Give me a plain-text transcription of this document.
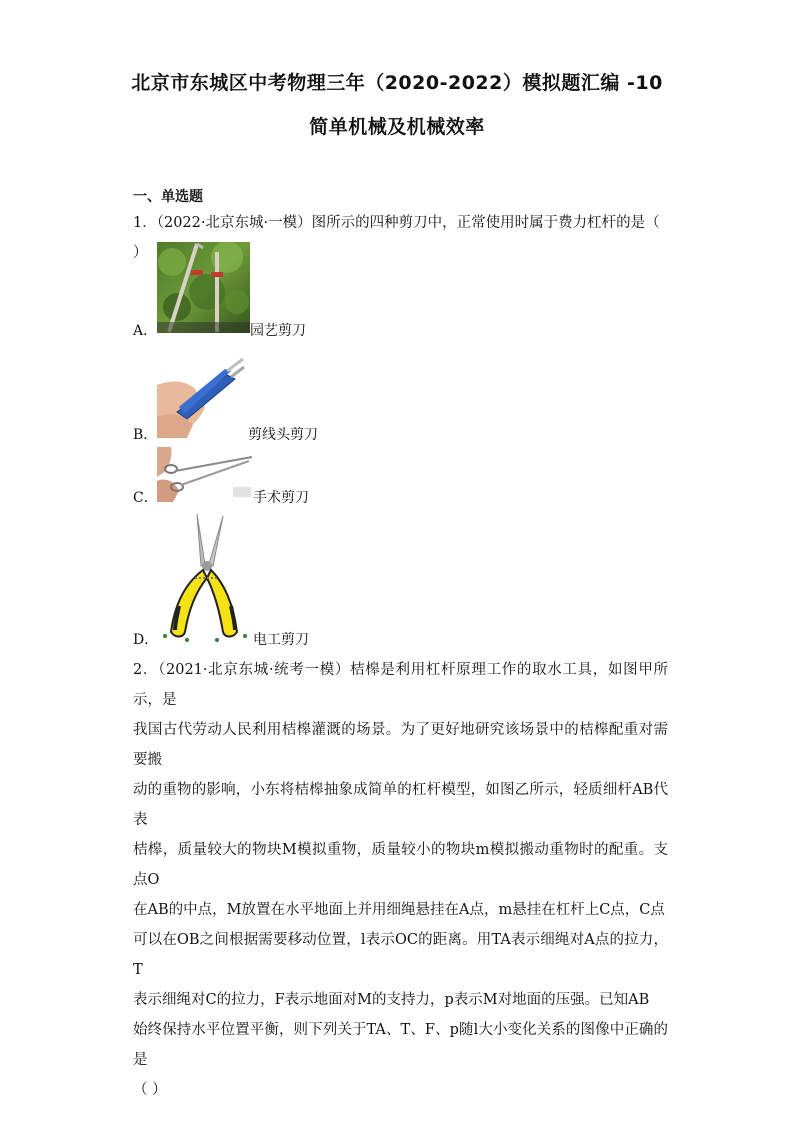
北京市东城区中考物理三年（2020-2022）模拟题汇编 -10
简单机械及机械效率
一、单选题
1．（2022·北京东城·一模）图所示的四种剪刀中，正常使用时属于费力杠杆的是（ ）
A．	园艺剪刀
B．	剪线头剪刀
C．	手术剪刀
D．	电工剪刀

2．（2021·北京东城·统考一模）桔槔是利用杠杆原理工作的取水工具，如图甲所示，是

我国古代劳动人民利用桔槔灌溉的场景。为了更好地研究该场景中的桔槔配重对需要搬

动的重物的影响，小东将桔槔抽象成简单的杠杆模型，如图乙所示，轻质细杆AB代表

桔槔，质量较大的物块M模拟重物，质量较小的物块m模拟搬动重物时的配重。支点O

在AB的中点，M放置在水平地面上并用细绳悬挂在A点，m悬挂在杠杆上C点，C点

可以在OB之间根据需要移动位置，l表示OC的距离。用TA表示细绳对A点的拉力，T

表示细绳对C的拉力，F表示地面对M的支持力，p表示M对地面的压强。已知AB

始终保持水平位置平衡，则下列关于TA、T、F、p随l大小变化关系的图像中正确的是

（ ）
